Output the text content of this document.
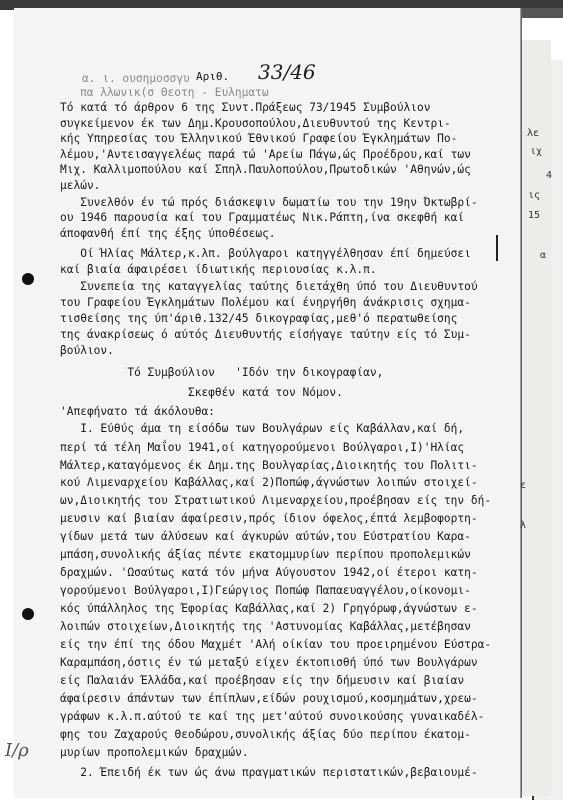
α. ι. ουσημοσσγυ
πα λλωνικ(σ Θεοτη - Ευληματω
Αριθ. 33/46
Τό κατά τό άρθρον 6 της Συντ.Πράξεως 73/1945 Συμβούλιον
συγκείμενον έκ των Δημ.Κρουσοπούλου,Διευθυντού της Κεντρι-
κής Υπηρεσίας του Έλληνικού Έθνικού Γραφείου Έγκλημάτων Πο-
λέμου,'Αντεισαγγελέως παρά τώ 'Αρείω Πάγω,ώς Προέδρου,καί των
Μιχ. Καλλιμοπούλου καί Σπηλ.Παυλοπούλου,Πρωτοδικών 'Αθηνών,ώς
μελών.
Συνελθόν έν τώ πρός διάσκεψιν δωματίω του την 19ην Όκτωβρί-
ου 1946 παρουσία καί του Γραμματέως Νικ.Ράπτη,ίνα σκεφθή καί
άποφανθή έπί της έξης ύποθέσεως.
Οί Ήλίας Μάλτερ,κ.λπ. βούλγαροι κατηγγέλθησαν έπί δημεύσει
καί βιαία άφαιρέσει ίδιωτικής περιουσίας κ.λ.π.
Συνεπεία της καταγγελίας ταύτης διετάχθη ύπό του Διευθυντού
του Γραφείου Έγκλημάτων Πολέμου καί ένηργήθη άνάκρισις σχημα-
τισθείσης της ύπ'άριθ.132/45 δικογραφίας,μεθ'ό περατωθείσης
της άνακρίσεως ό αύτός Διευθυντής είσήγαγε ταύτην είς τό Συμ-
βούλιον.
Τό Συμβούλιον   'Ιδόν την δικογραφίαν,
Σκεφθέν κατά τον Νόμον.
'Απεφήνατο τά άκόλουθα:
I. Εύθύς άμα τη είσόδω των Βουλγάρων είς Καβάλλαν,καί δή,
περί τά τέλη Μαΐου 1941,οί κατηγορούμενοι Βούλγαροι,Ι)'Ηλίας
Μάλτερ,καταγόμενος έκ Δημ.της Βουλγαρίας,Διοικητής του Πολιτι-
κού Λιμεναρχείου Καβάλλας,καί 2)Ποπώφ,άγνώστων λοιπών στοιχεί-
ων,Διοικητής του Στρατιωτικού Λιμεναρχείου,προέβησαν είς την δή-
μευσιν καί βιαίαν άφαίρεσιν,πρός ίδιον όφελος,έπτά λεμβοφορτη-
γίδων μετά των άλύσεων καί άγκυρών αύτών,του Εύστρατίου Καρα-
μπάση,συνολικής άξίας πέντε εκατομμυρίων περίπου προπολεμικών
δραχμών. 'Ωσαύτως κατά τόν μήνα Αύγουστον 1942,οί έτεροι κατη-
γορούμενοι Βούλγαροι,Ι)Γεώργιος Ποπώφ Παπαευαγγέλου,οίκονομι-
κός ύπάλληλος της Έφορίας Καβάλλας,καί 2) Γρηγόρωφ,άγνώστων ε-
λοιπών στοιχείων,Διοικητής της 'Αστυνομίας Καβάλλας,μετέβησαν
είς την έπί της όδου Μαχμέτ 'Αλή οίκίαν του προειρημένου Εύστρα-
Καραμπάση,όστις έν τώ μεταξύ είχεν έκτοπισθή ύπό των Βουλγάρων
είς Παλαιάν Έλλάδα,καί προέβησαν είς την δήμευσιν καί βιαίαν
άφαίρεσιν άπάντων των έπίπλων,είδών ρουχισμού,κοσμημάτων,χρεω-
γράφων κ.λ.π.αύτού τε καί της μετ'αύτού συνοικούσης γυναικαδέλ-
φης του Ζαχαρούς Θεοδώρου,συνολικής άξίας δύο περίπου έκατομ-
μυρίων προπολεμικών δραχμών.
2. Έπειδή έκ των ώς άνω πραγματικών περιστατικών,βεβαιουμέ-
λε
ιχ
4
ις
15
α
ε
λ
Ι/ρ
